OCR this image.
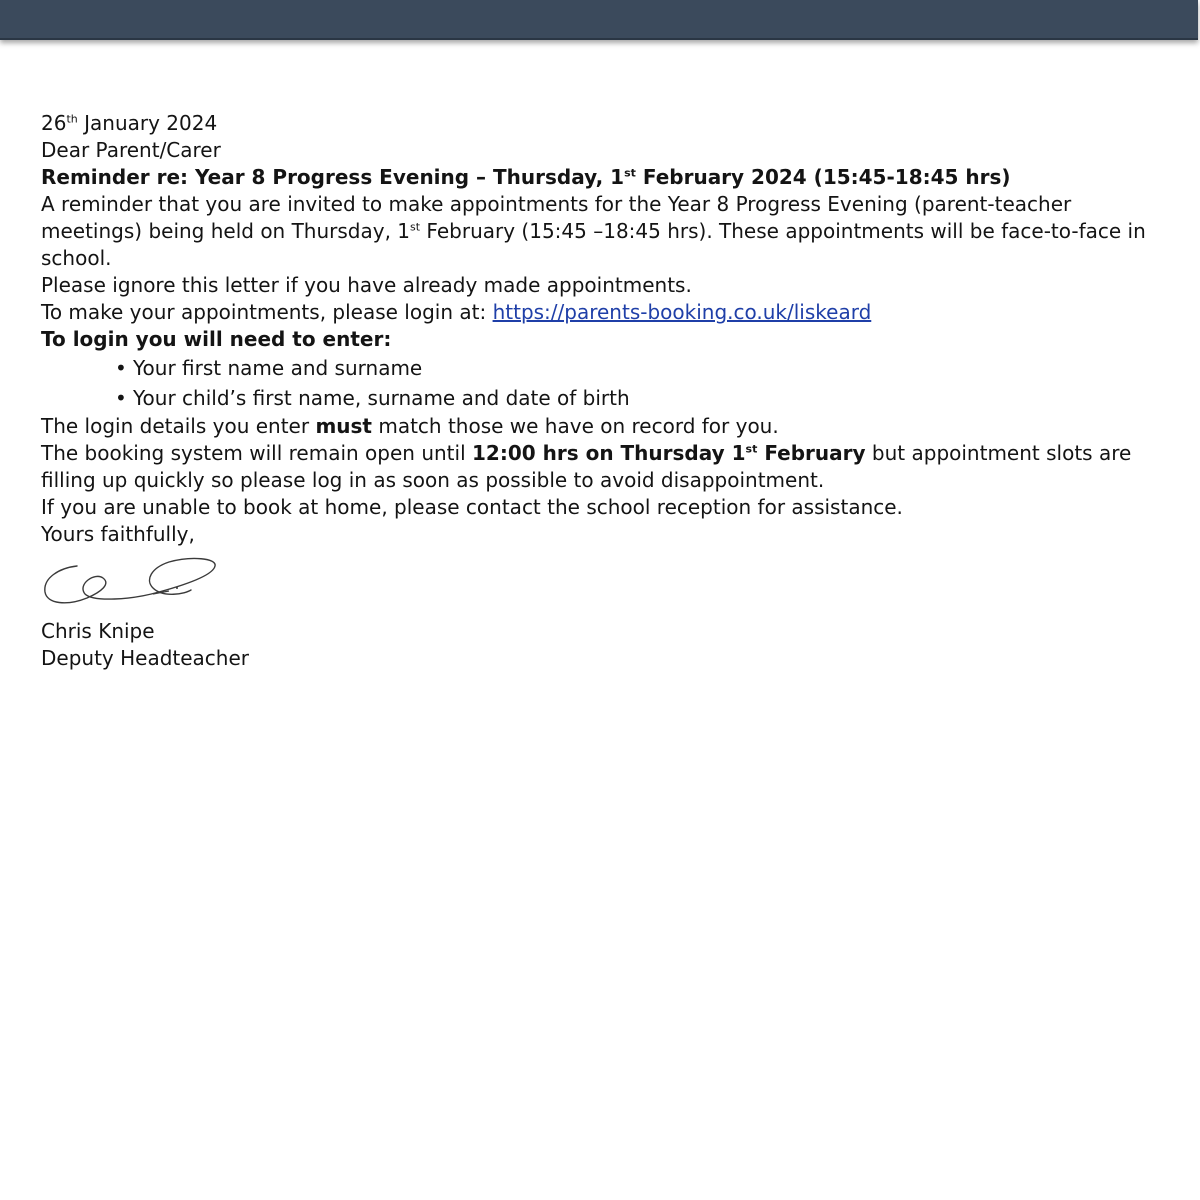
26th January 2024

Dear Parent/Carer

Reminder re: Year 8 Progress Evening – Thursday, 1st February 2024 (15:45-18:45 hrs)

A reminder that you are invited to make appointments for the Year 8 Progress Evening (parent-teacher meetings) being held on Thursday, 1st February (15:45 –18:45 hrs). These appointments will be face-to-face in school.

Please ignore this letter if you have already made appointments.

To make your appointments, please login at: https://parents-booking.co.uk/liskeard

To login you will need to enter:

• Your first name and surname
• Your child’s first name, surname and date of birth

The login details you enter must match those we have on record for you.

The booking system will remain open until 12:00 hrs on Thursday 1st February but appointment slots are filling up quickly so please log in as soon as possible to avoid disappointment.

If you are unable to book at home, please contact the school reception for assistance.

Yours faithfully,

Chris Knipe

Deputy Headteacher
